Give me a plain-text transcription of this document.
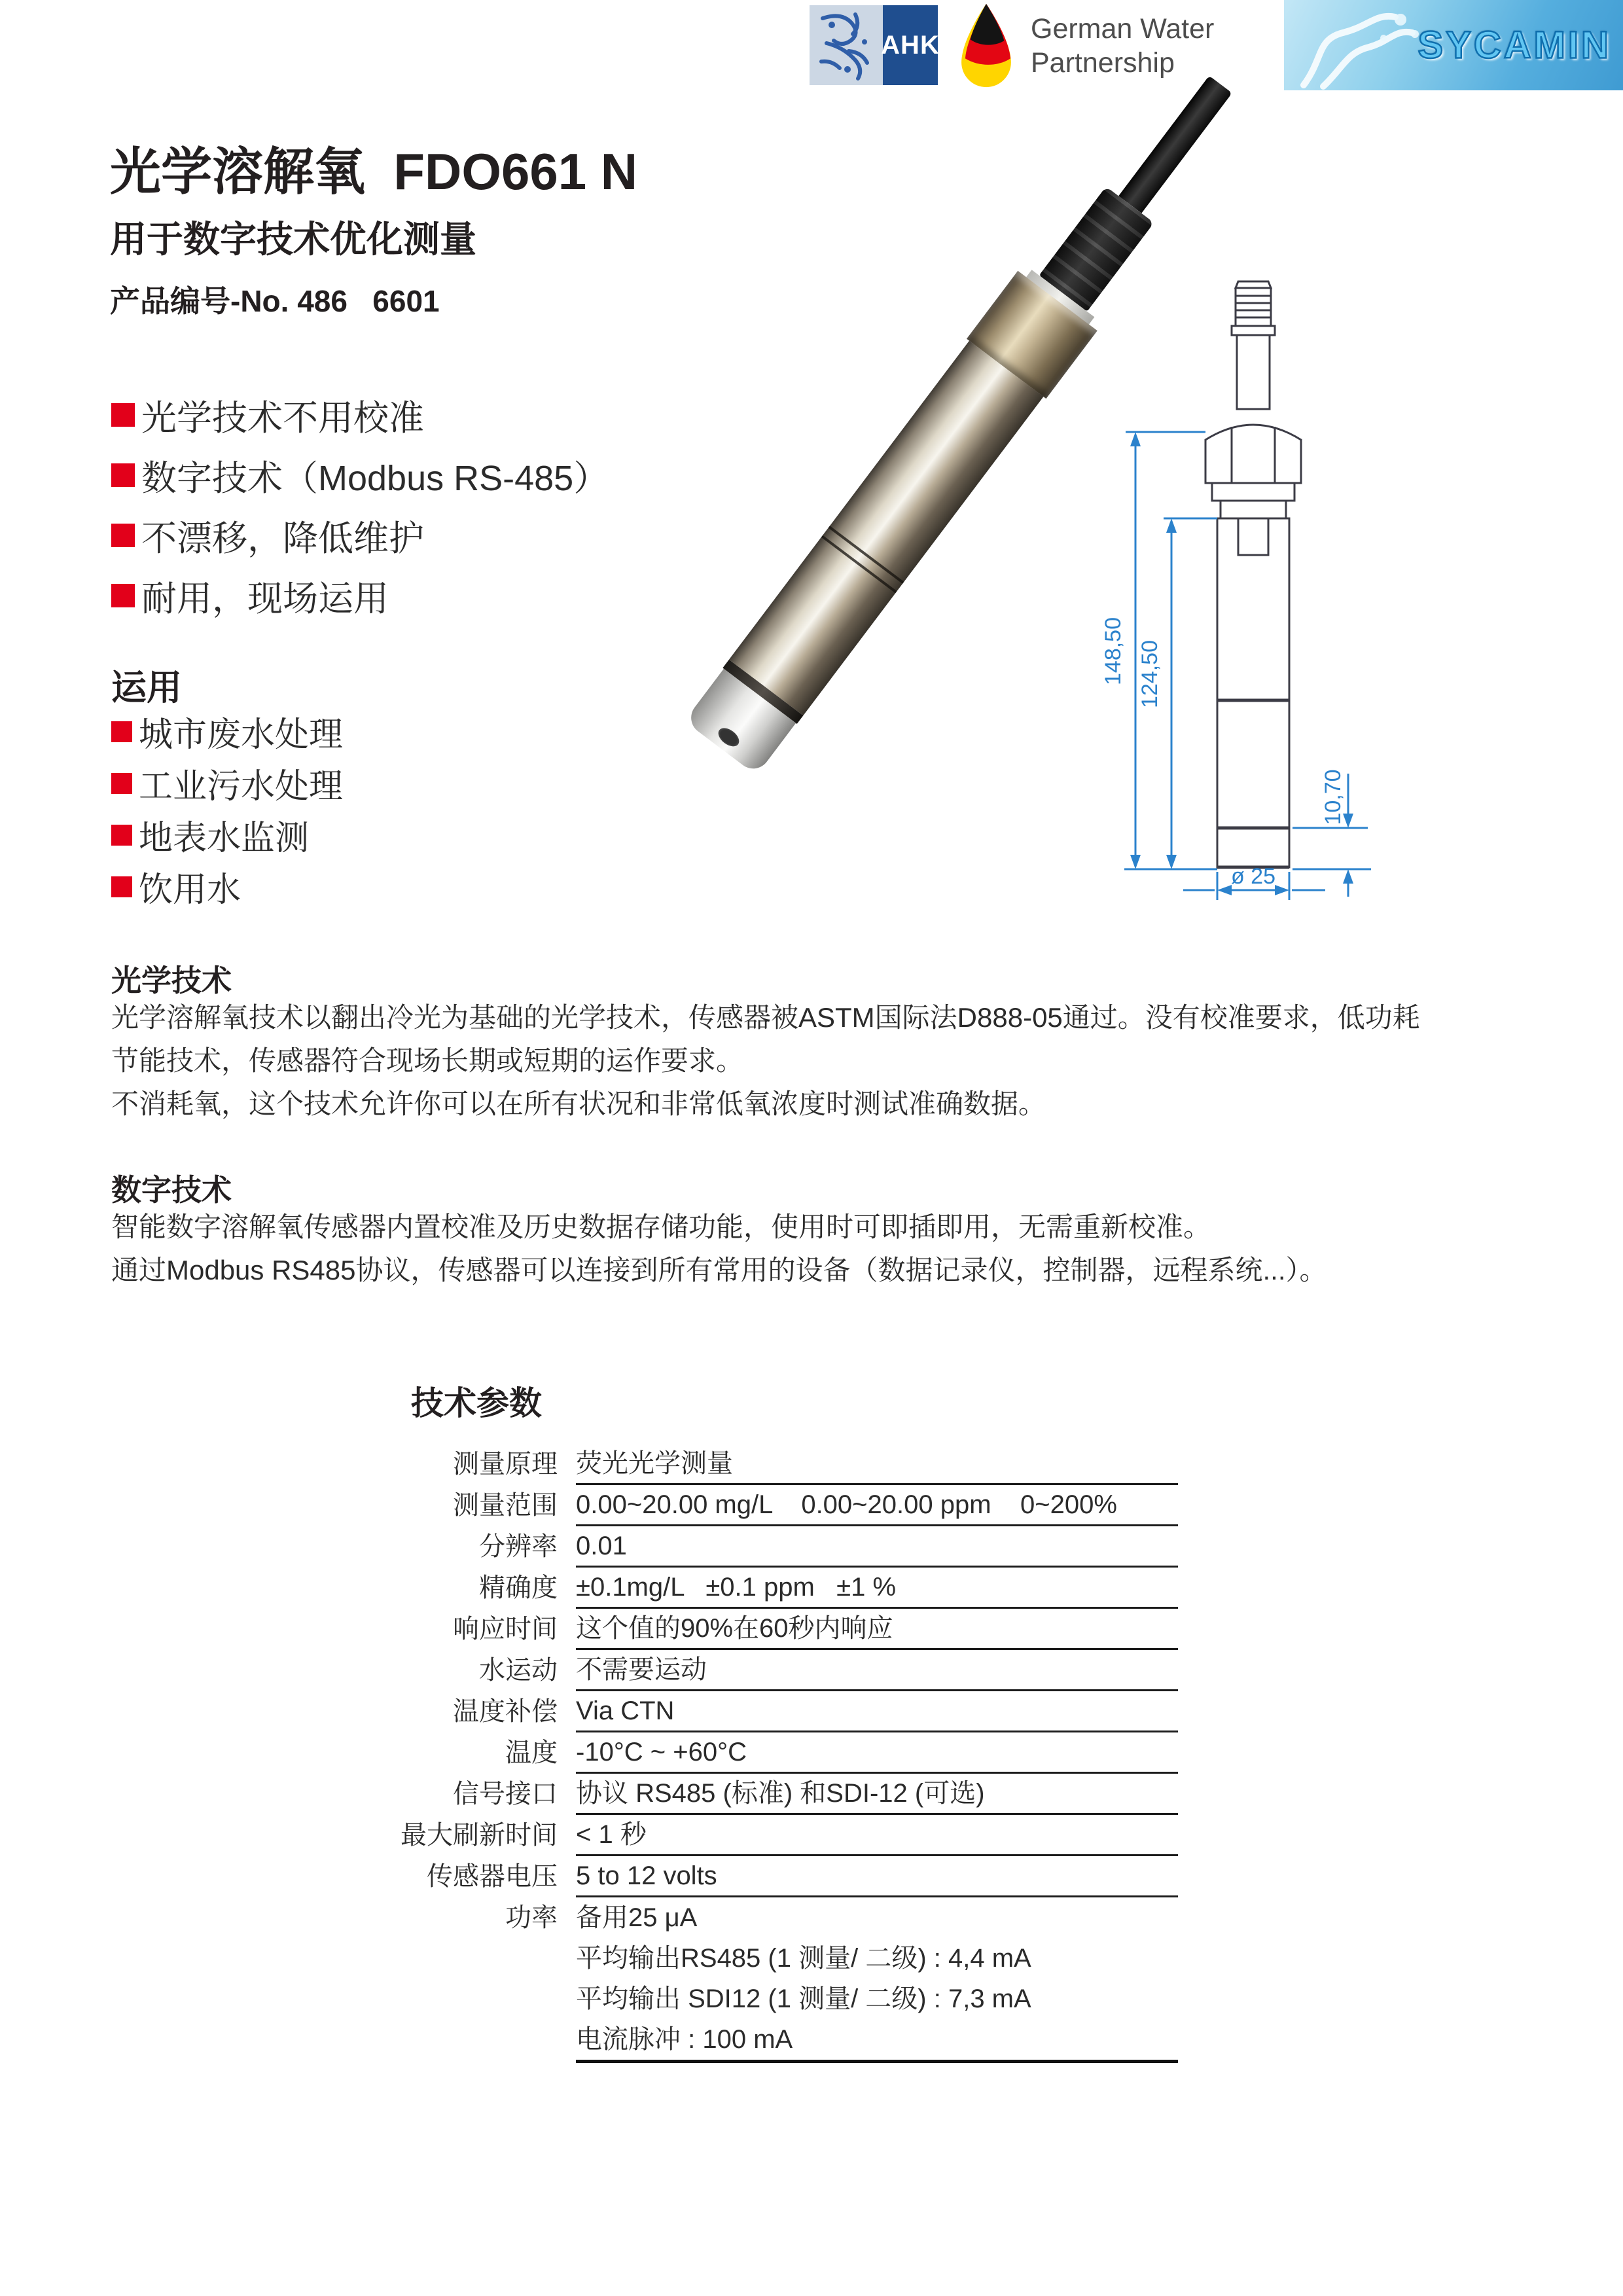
AHK
German Water
Partnership	SYCAMIN
光学溶解氧  FDO661 N
用于数字技术优化测量
产品编号-No. 486   6601
光学技术不用校准
数字技术（Modbus RS-485）
不漂移，降低维护
耐用，现场运用
运用
城市废水处理
工业污水处理
地表水监测
饮用水
148,50 124,50
10,70
ø 25
光学技术
光学溶解氧技术以翻出冷光为基础的光学技术，传感器被ASTM国际法D888-05通过。没有校准要求，低功耗
节能技术，传感器符合现场长期或短期的运作要求。
不消耗氧，这个技术允许你可以在所有状况和非常低氧浓度时测试准确数据。
数字技术
智能数字溶解氧传感器内置校准及历史数据存储功能，使用时可即插即用，无需重新校准。
通过Modbus RS485协议，传感器可以连接到所有常用的设备（数据记录仪，控制器，远程系统...）。
技术参数
测量原理 荧光光学测量
测量范围 0.00~20.00 mg/L    0.00~20.00 ppm    0~200%
分辨率 0.01
精确度 ±0.1mg/L   ±0.1 ppm   ±1 %
响应时间 这个值的90%在60秒内响应
水运动 不需要运动
温度补偿 Via CTN
温度 -10°C ~ +60°C
信号接口 协议 RS485 (标准) 和SDI-12 (可选)
最大刷新时间 < 1 秒
传感器电压 5 to 12 volts
功率 备用25 μA
平均输出RS485 (1 测量/ 二级) : 4,4 mA
平均输出 SDI12 (1 测量/ 二级) : 7,3 mA
电流脉冲 : 100 mA
